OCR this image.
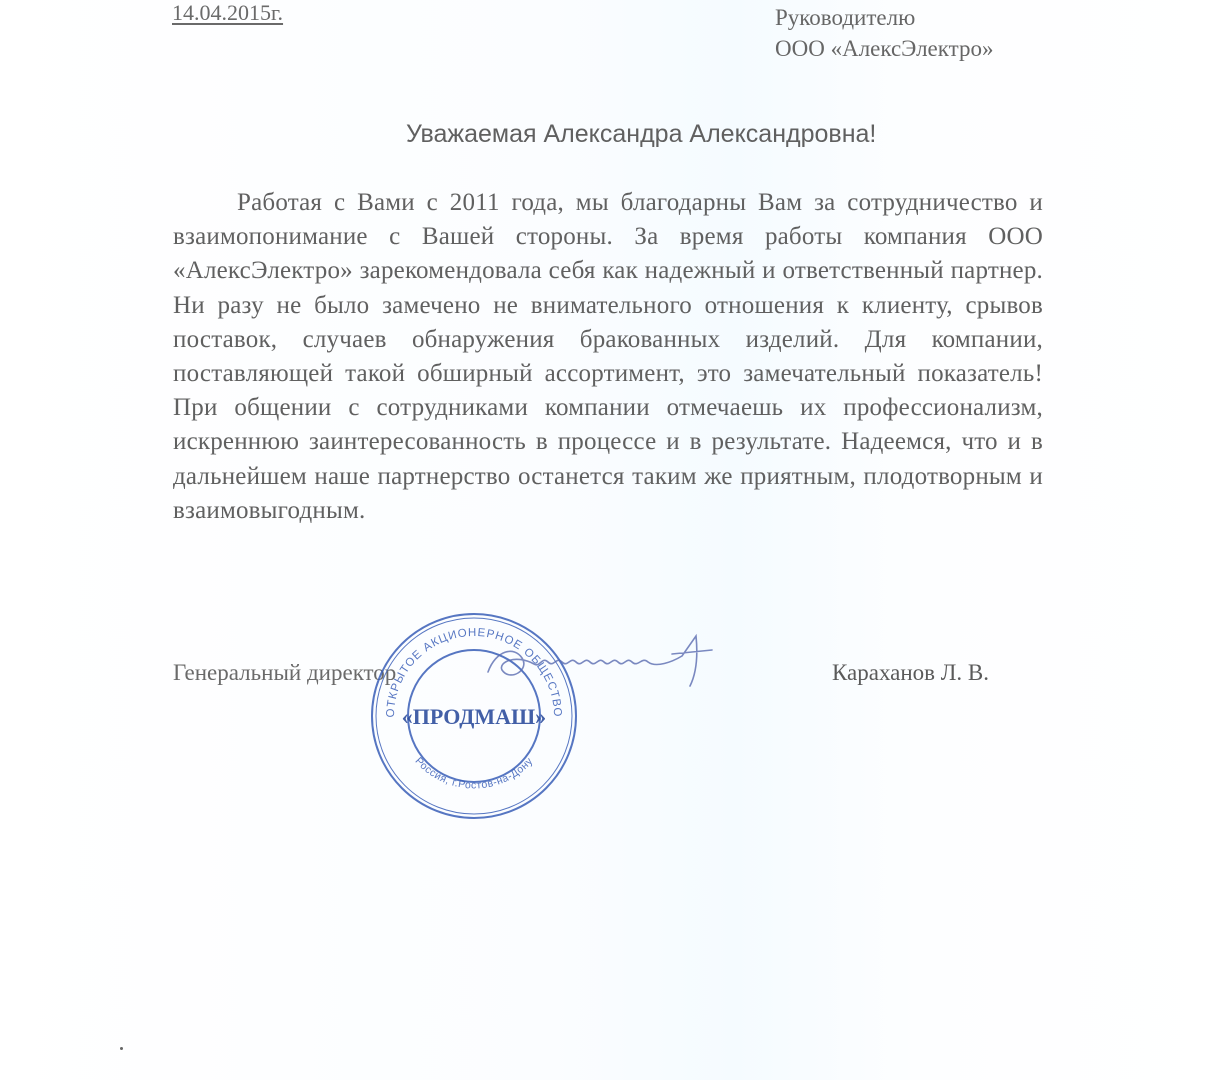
14.04.2015г.	Руководителю
ООО «АлексЭлектро»
Уважаемая Александра Александровна!
Работая с Вами с 2011 года, мы благодарны Вам за сотрудничество и взаимопонимание с Вашей стороны. За время работы компания ООО «АлексЭлектро» зарекомендовала себя как надежный и ответственный партнер. Ни разу не было замечено не внимательного отношения к клиенту, срывов поставок, случаев обнаружения бракованных изделий. Для компании, поставляющей такой обширный ассортимент, это замечательный показатель! При общении с сотрудниками компании отмечаешь их профессионализм, искреннюю заинтересованность в процессе и в результате. Надеемся, что и в дальнейшем наше партнерство останется таким же приятным, плодотворным и взаимовыгодным.
Генеральный директор	Караханов Л. В.
ОТКРЫТОЕ АКЦИОНЕРНОЕ ОБЩЕСТВО
Россия, г.Ростов-на-Дону
«ПРОДМАШ»
